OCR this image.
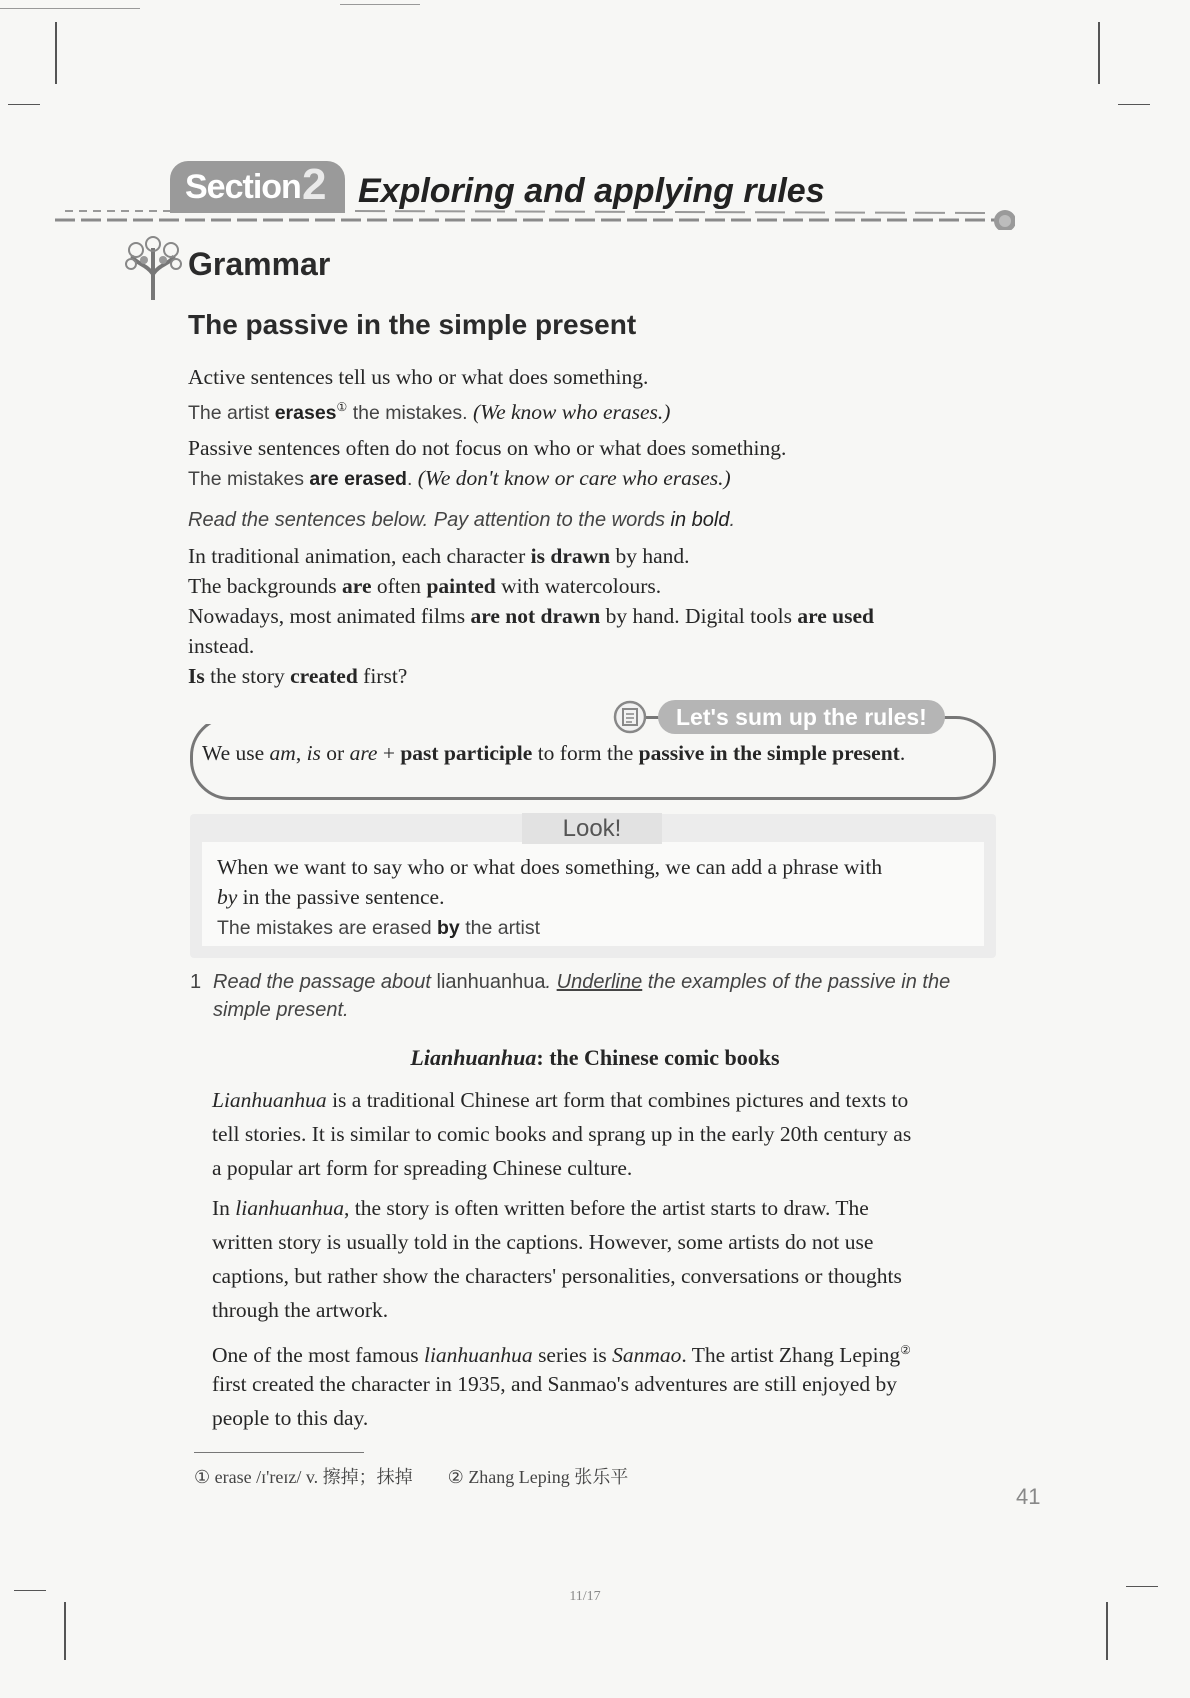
Section 2 Exploring and applying rules
Grammar
The passive in the simple present
Active sentences tell us who or what does something.
The artist erases① the mistakes. (We know who erases.)
Passive sentences often do not focus on who or what does something.
The mistakes are erased. (We don't know or care who erases.)
Read the sentences below. Pay attention to the words in bold.
In traditional animation, each character is drawn by hand.
The backgrounds are often painted with watercolours.
Nowadays, most animated films are not drawn by hand. Digital tools are used
instead.
Is the story created first?
Let's sum up the rules!
We use am, is or are + past participle to form the passive in the simple present.
Look!
When we want to say who or what does something, we can add a phrase with
by in the passive sentence.
The mistakes are erased by the artist
1 Read the passage about lianhuanhua. Underline the examples of the passive in the
simple present.
Lianhuanhua: the Chinese comic books
Lianhuanhua is a traditional Chinese art form that combines pictures and texts to
tell stories. It is similar to comic books and sprang up in the early 20th century as
a popular art form for spreading Chinese culture.
In lianhuanhua, the story is often written before the artist starts to draw. The
written story is usually told in the captions. However, some artists do not use
captions, but rather show the characters' personalities, conversations or thoughts
through the artwork.
One of the most famous lianhuanhua series is Sanmao. The artist Zhang Leping②
first created the character in 1935, and Sanmao's adventures are still enjoyed by
people to this day.
① erase /ɪ'reɪz/ v. 擦掉；抹掉 ② Zhang Leping 张乐平
41
11/17
